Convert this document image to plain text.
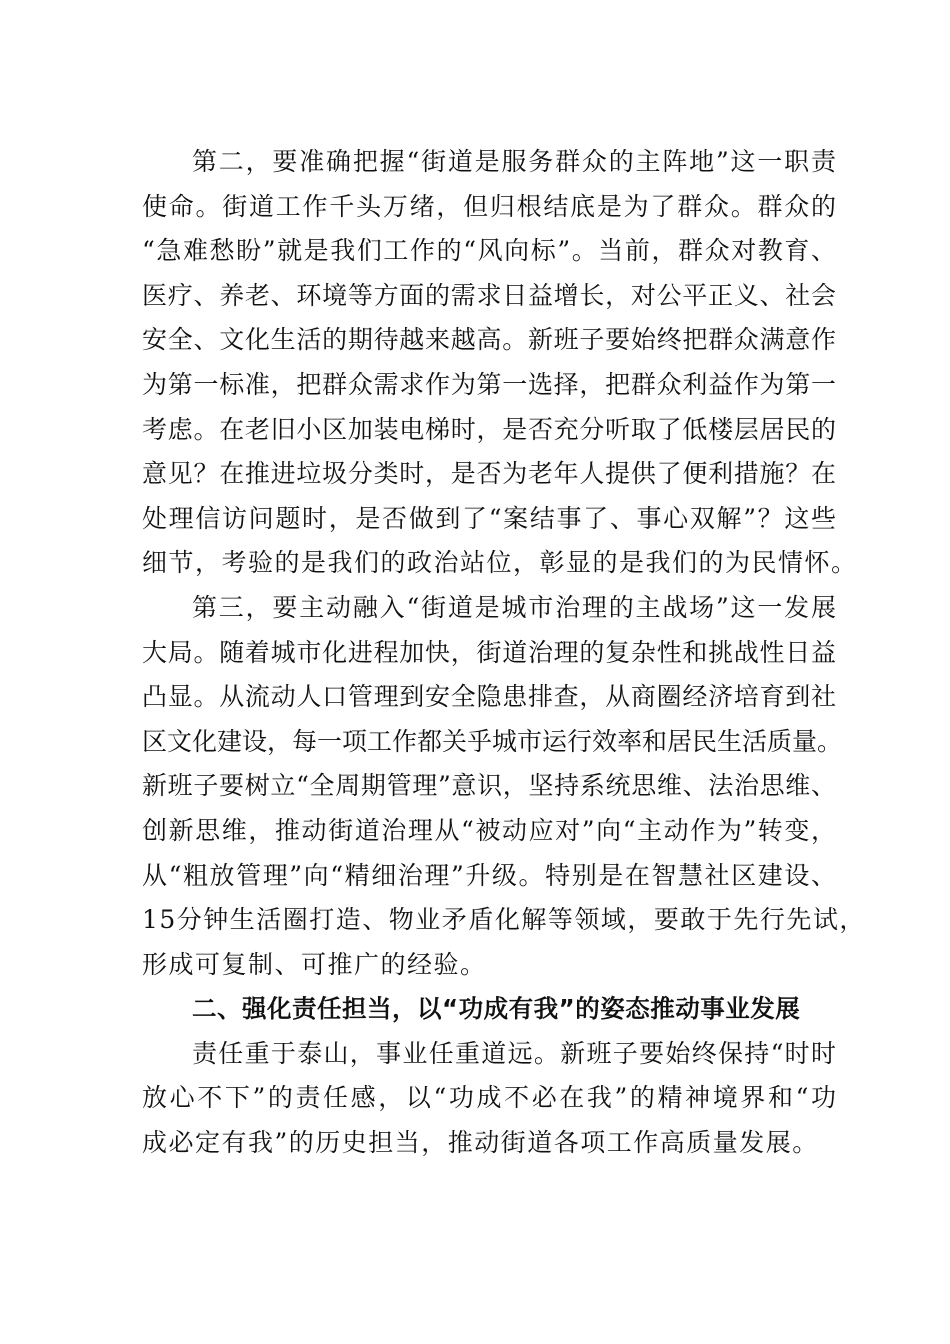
第二，要准确把握“街道是服务群众的主阵地”这一职责
使命。街道工作千头万绪，但归根结底是为了群众。群众的
“急难愁盼”就是我们工作的“风向标”。当前，群众对教育、
医疗、养老、环境等方面的需求日益增长，对公平正义、社会
安全、文化生活的期待越来越高。新班子要始终把群众满意作
为第一标准，把群众需求作为第一选择，把群众利益作为第一
考虑。在老旧小区加装电梯时，是否充分听取了低楼层居民的
意见？在推进垃圾分类时，是否为老年人提供了便利措施？在
处理信访问题时，是否做到了“案结事了、事心双解”？这些
细节，考验的是我们的政治站位，彰显的是我们的为民情怀。
第三，要主动融入“街道是城市治理的主战场”这一发展
大局。随着城市化进程加快，街道治理的复杂性和挑战性日益
凸显。从流动人口管理到安全隐患排查，从商圈经济培育到社
区文化建设，每一项工作都关乎城市运行效率和居民生活质量。
新班子要树立“全周期管理”意识，坚持系统思维、法治思维、
创新思维，推动街道治理从“被动应对”向“主动作为”转变，
从“粗放管理”向“精细治理”升级。特别是在智慧社区建设、
15分钟生活圈打造、物业矛盾化解等领域，要敢于先行先试，
形成可复制、可推广的经验。
二、强化责任担当，以“功成有我”的姿态推动事业发展
责任重于泰山，事业任重道远。新班子要始终保持“时时
放心不下”的责任感，以“功成不必在我”的精神境界和“功
成必定有我”的历史担当，推动街道各项工作高质量发展。
